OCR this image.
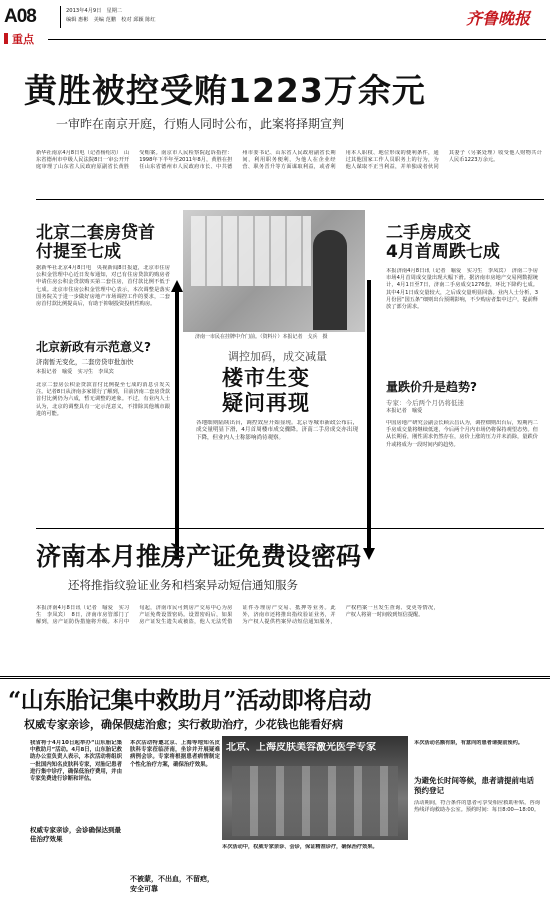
A08	2013年4月9日　星期二
编辑 惠彬　美编 范鹏　校对 邱颖 陈红	齐鲁晚报
重点
黄胜被控受贿1223万余元
一审昨在南京开庭，行贿人同时公布，此案将择期宣判
新华社南京4月8日电（记者杨绍功）　山东省德州市中级人民法院8日一审公开开庭审理了山东省人民政府原副省长黄胜受贿案。南京市人民检察院起诉指控：1998年下半年至2011年8月，黄胜在担任山东省德州市人民政府市长、中共德州市委书记、山东省人民政府副省长期间，利用职务便利，为他人在企业经营、职务晋升等方面谋取利益，或者利用本人职权、地位形成的便利条件，通过其他国家工作人员职务上的行为，为他人谋取不正当利益，并单独或者伙同其妻子（另案处理）收受他人财物共计人民币1223万余元。
北京二套房贷首付提至七成
据新华社北京4月8日电　央视新闻8日报道，北京市住房公积金管理中心近日发布通知，对已有住房贷款的购房者申请住房公积金贷款购买第二套住房，首付款比例不低于七成。北京市住房公积金管理中心表示，本次调整是落实国务院关于进一步做好房地产市场调控工作的要求，二套房首付款比例提高后，有助于抑制投资投机性购房。
北京新政有示范意义?
济南暂无变化，二套房贷审批加快
本报记者　喻爱　实习生　李凤宾
北京二套房公积金贷款首付比例提至七成的消息引发关注。记者8日从济南多家银行了解到，目前济南二套房贷款首付比例仍为六成，暂无调整的迹象。不过，有业内人士认为，北京的调整具有一定示范意义，不排除其他城市跟进的可能。
济南一市民在挂牌中介门前。（资料片）本报记者　戈兵　摄
调控加码，成交减量
楼市生变
疑问再现
各地细则陆续出台，调控效应开始显现。北京等城市新政公布后，成交量明显下滑，4月首周楼市成交骤降。济南二手房成交亦出现下降，但业内人士称影响尚待观察。
二手房成交
4月首周跌七成
本报济南4月8日讯（记者　喻爱　实习生　李凤宾）　济南二手房市场4月首周成交量出现大幅下滑。据济南市房地产交易网数据统计，4月1日至7日，济南二手房成交1276套，环比下降约七成。其中4月1日成交量较大，之后成交量明显回落。业内人士分析，3月份因“国五条”细则出台预期影响，不少购房者集中过户，提前释放了部分需求。
量跌价升是趋势?
专家：今后两个月仍将低迷
本报记者　喻爱
中国房地产研究会副会长顾云昌认为，调控细则出台后，短期内二手房成交量将继续低迷，今后两个月内市场仍将保持观望态势。但从长期看，刚性需求仍然存在，房价上涨的压力并未消除，量跌价升或将成为一段时间内的趋势。
济南本月推房产证免费设密码
还将推指纹验证业务和档案异动短信通知服务
本报济南4月8日讯（记者　喻爱　实习生　李凤宾）　8日，济南市房管部门了解到，房产证防伪措施将升级。本月中旬起，济南市民可到房产交易中心为房产证免费设置密码。设置密码后，如果房产证发生遗失或被盗，他人无法凭借证件办理房产交易、抵押等业务。此外，济南市还将推出指纹验证业务，并为产权人提供档案异动短信通知服务，产权档案一旦发生查询、变更等情况，产权人将第一时间收到短信提醒。
“山东胎记集中救助月”活动即将启动
权威专家亲诊，确保假痣治愈；实行救助治疗，少花钱也能看好病
我省将于4月10日起举办“山东胎记集中救助月”活动。4月8日，山东胎记救助办公室负责人表示，本次活动将组织一批国内知名皮肤科专家，对胎记患者进行集中诊疗，确保低治疗费用，并由专家免费进行诊断和评估。
权威专家亲诊，会诊确保达到最佳治疗效果
本次活动特邀北京、上海等地知名皮肤科专家莅临济南，坐诊并开展疑难病例会诊。专家将根据患者病情制定个性化治疗方案，确保治疗效果。
不被蒙，不出血，不留疤，安全可靠
北京、上海皮肤美容激光医学专家
本次活动中，权威专家亲诊、会诊，保证精准诊疗，确保治疗效果。
本次活动名额有限，有意向的患者请提前预约。
为避免长时间等候，患者请提前电话预约登记
活动期间，符合条件的患者可享受相应救助补贴。咨询热线详询救助办公室。预约时间：每日8:00—18:00。
